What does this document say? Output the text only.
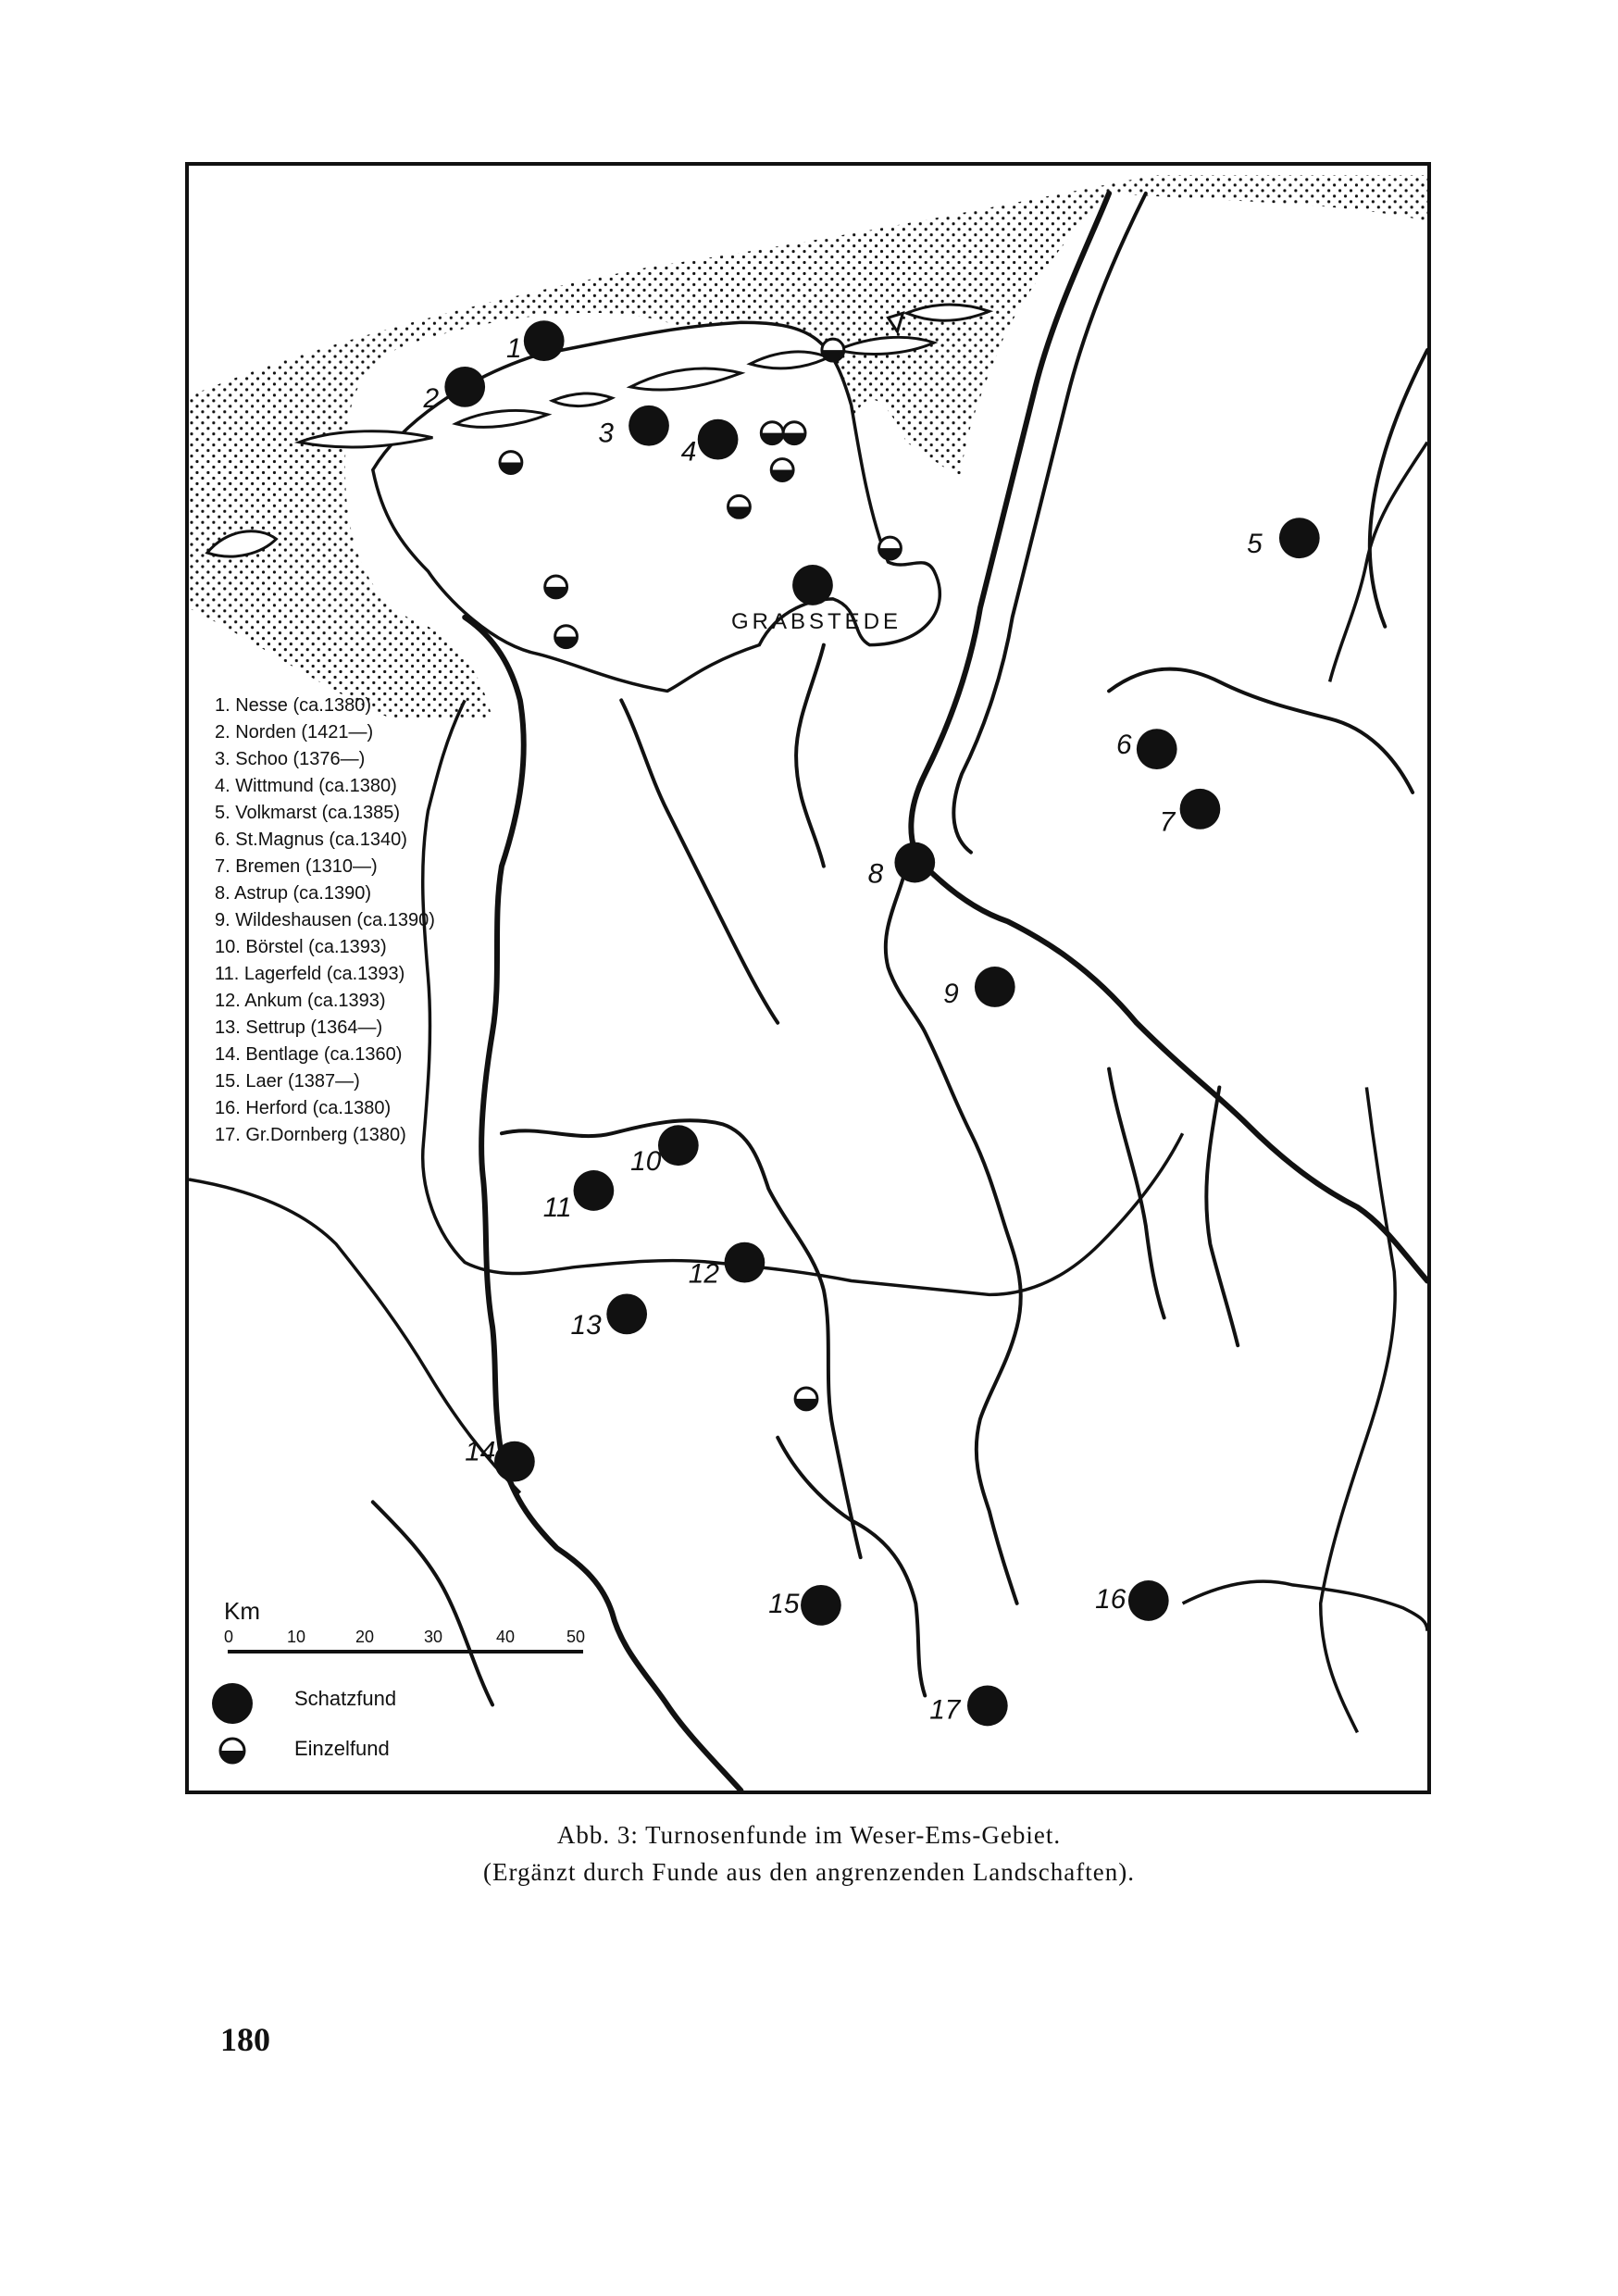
1
2
3
4
5
6
7
8
9
10
11
12
13
14
15	16
17
GRABSTEDE
1. Nesse (ca.1380)
2. Norden (1421—)
3. Schoo (1376—)
4. Wittmund (ca.1380)
5. Volkmarst (ca.1385)
6. St.Magnus (ca.1340)
7. Bremen (1310—)
8. Astrup (ca.1390)
9. Wildeshausen (ca.1390)
10. Börstel (ca.1393)
11. Lagerfeld (ca.1393)
12. Ankum (ca.1393)
13. Settrup (1364—)
14. Bentlage (ca.1360)
15. Laer (1387—)
16. Herford (ca.1380)
17. Gr.Dornberg (1380)
Km
0	10	20	30	40	50
Schatzfund
Einzelfund
Abb. 3: Turnosenfunde im Weser-Ems-Gebiet.
(Ergänzt durch Funde aus den angrenzenden Landschaften).
180
